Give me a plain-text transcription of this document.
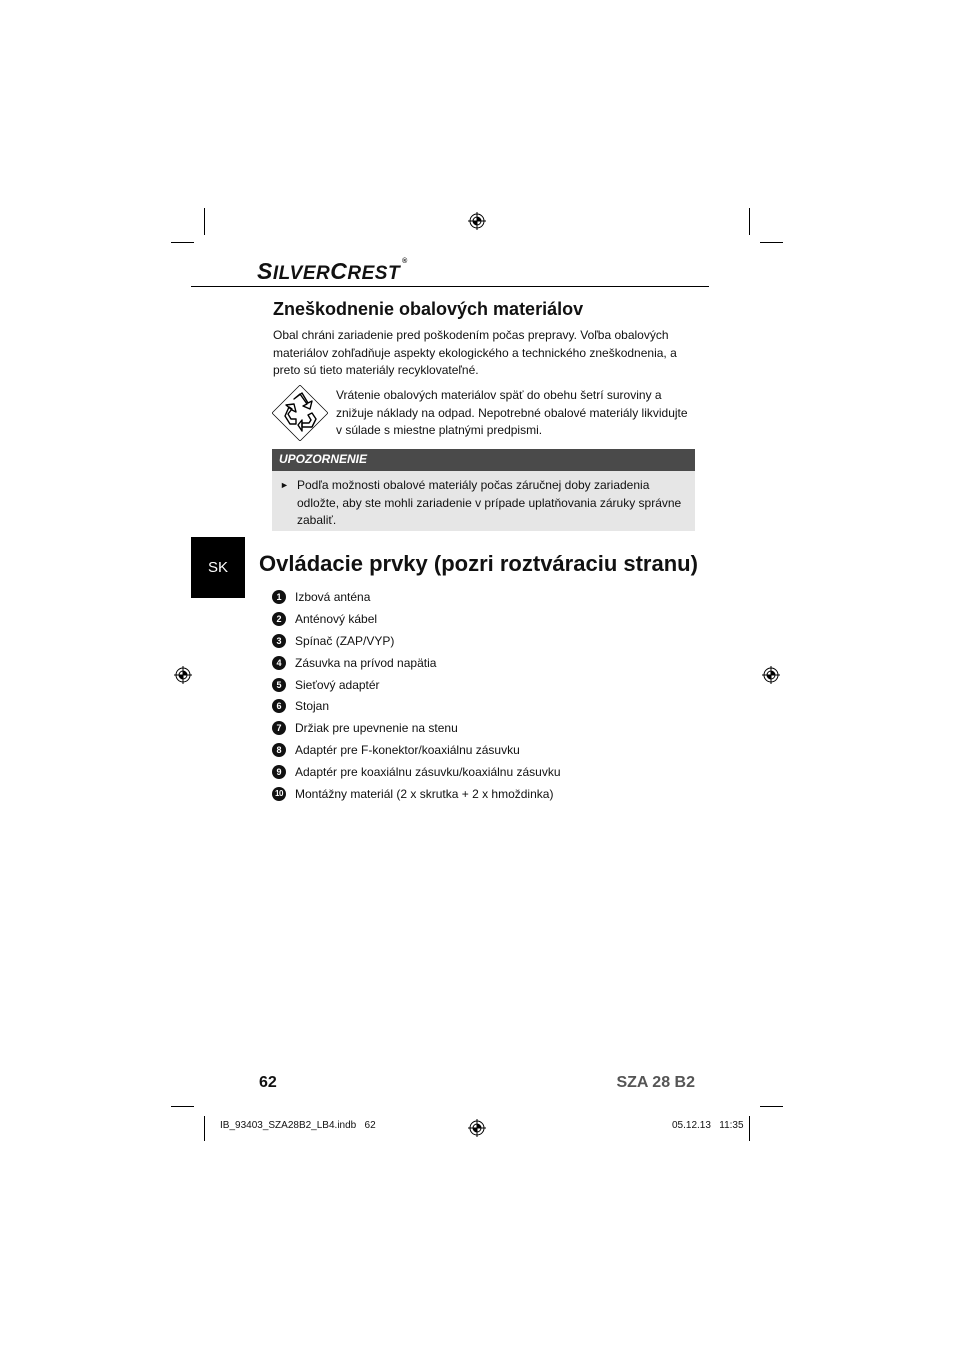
SILVERCREST®
Zneškodnenie obalových materiálov
Obal chráni zariadenie pred poškodením počas prepravy. Voľba obalových materiálov zohľadňuje aspekty ekologického a technického zneškodnenia, a preto sú tieto materiály recyklovateľné.
Vrátenie obalových materiálov späť do obehu šetrí suroviny a znižuje náklady na odpad. Nepotrebné obalové materiály likvidujte v súlade s miestne platnými predpismi.
UPOZORNENIE
► Podľa možnosti obalové materiály počas záručnej doby zariadenia odložte, aby ste mohli zariadenie v prípade uplatňovania záruky správne zabaliť.
SK	Ovládacie prvky (pozri roztváraciu stranu)
1	Izbová anténa
2	Anténový kábel
3	Spínač (ZAP/VYP)
4	Zásuvka na prívod napätia
5	Sieťový adaptér
6	Stojan
7	Držiak pre upevnenie na stenu
8	Adaptér pre F-konektor/koaxiálnu zásuvku
9	Adaptér pre koaxiálnu zásuvku/koaxiálnu zásuvku
10 Montážny materiál (2 x skrutka + 2 x hmoždinka)
62	SZA 28 B2
IB_93403_SZA28B2_LB4.indb   62	05.12.13   11:35
